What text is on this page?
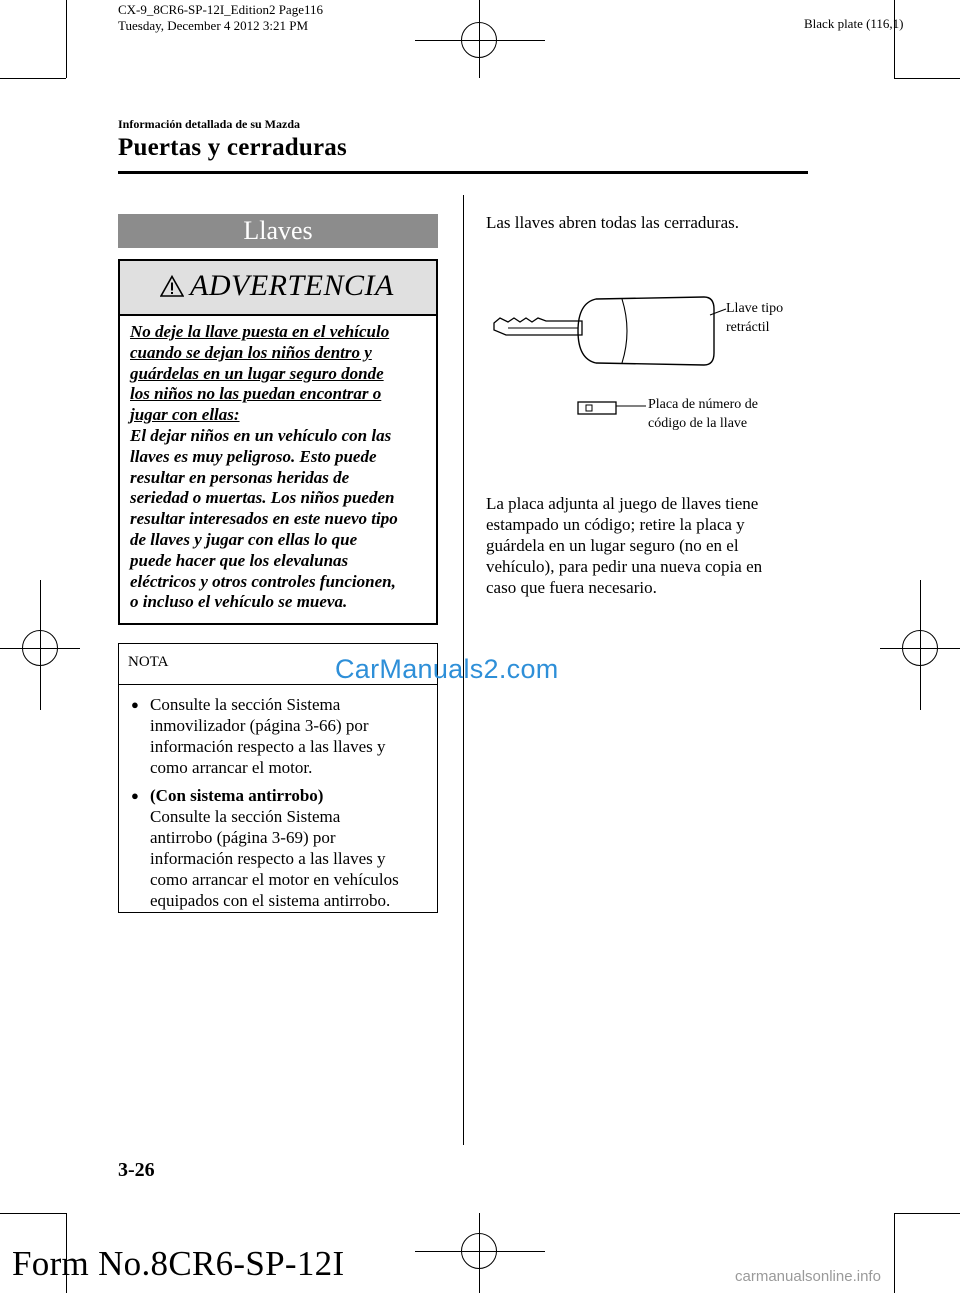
CX-9_8CR6-SP-12I_Edition2 Page116
Tuesday, December 4 2012 3:21 PM	Black plate (116,1)
Información detallada de su Mazda
Puertas y cerraduras
Llaves
ADVERTENCIA
No deje la llave puesta en el vehículo
cuando se dejan los niños dentro y
guárdelas en un lugar seguro donde
los niños no las puedan encontrar o
jugar con ellas:
El dejar niños en un vehículo con las
llaves es muy peligroso. Esto puede
resultar en personas heridas de
seriedad o muertas. Los niños pueden
resultar interesados en este nuevo tipo
de llaves y jugar con ellas lo que
puede hacer que los elevalunas
eléctricos y otros controles funcionen,
o incluso el vehículo se mueva.
NOTA
● Consulte la sección Sistema
inmovilizador (página 3-66) por
información respecto a las llaves y
como arrancar el motor.
● (Con sistema antirrobo)
Consulte la sección Sistema
antirrobo (página 3-69) por
información respecto a las llaves y
como arrancar el motor en vehículos
equipados con el sistema antirrobo.
Las llaves abren todas las cerraduras.
Llave tipo
retráctil
Placa de número de
código de la llave
La placa adjunta al juego de llaves tiene
estampado un código; retire la placa y
guárdela en un lugar seguro (no en el
vehículo), para pedir una nueva copia en
caso que fuera necesario.
CarManuals2.com
3-26
Form No.8CR6-SP-12I	carmanualsonline.info
